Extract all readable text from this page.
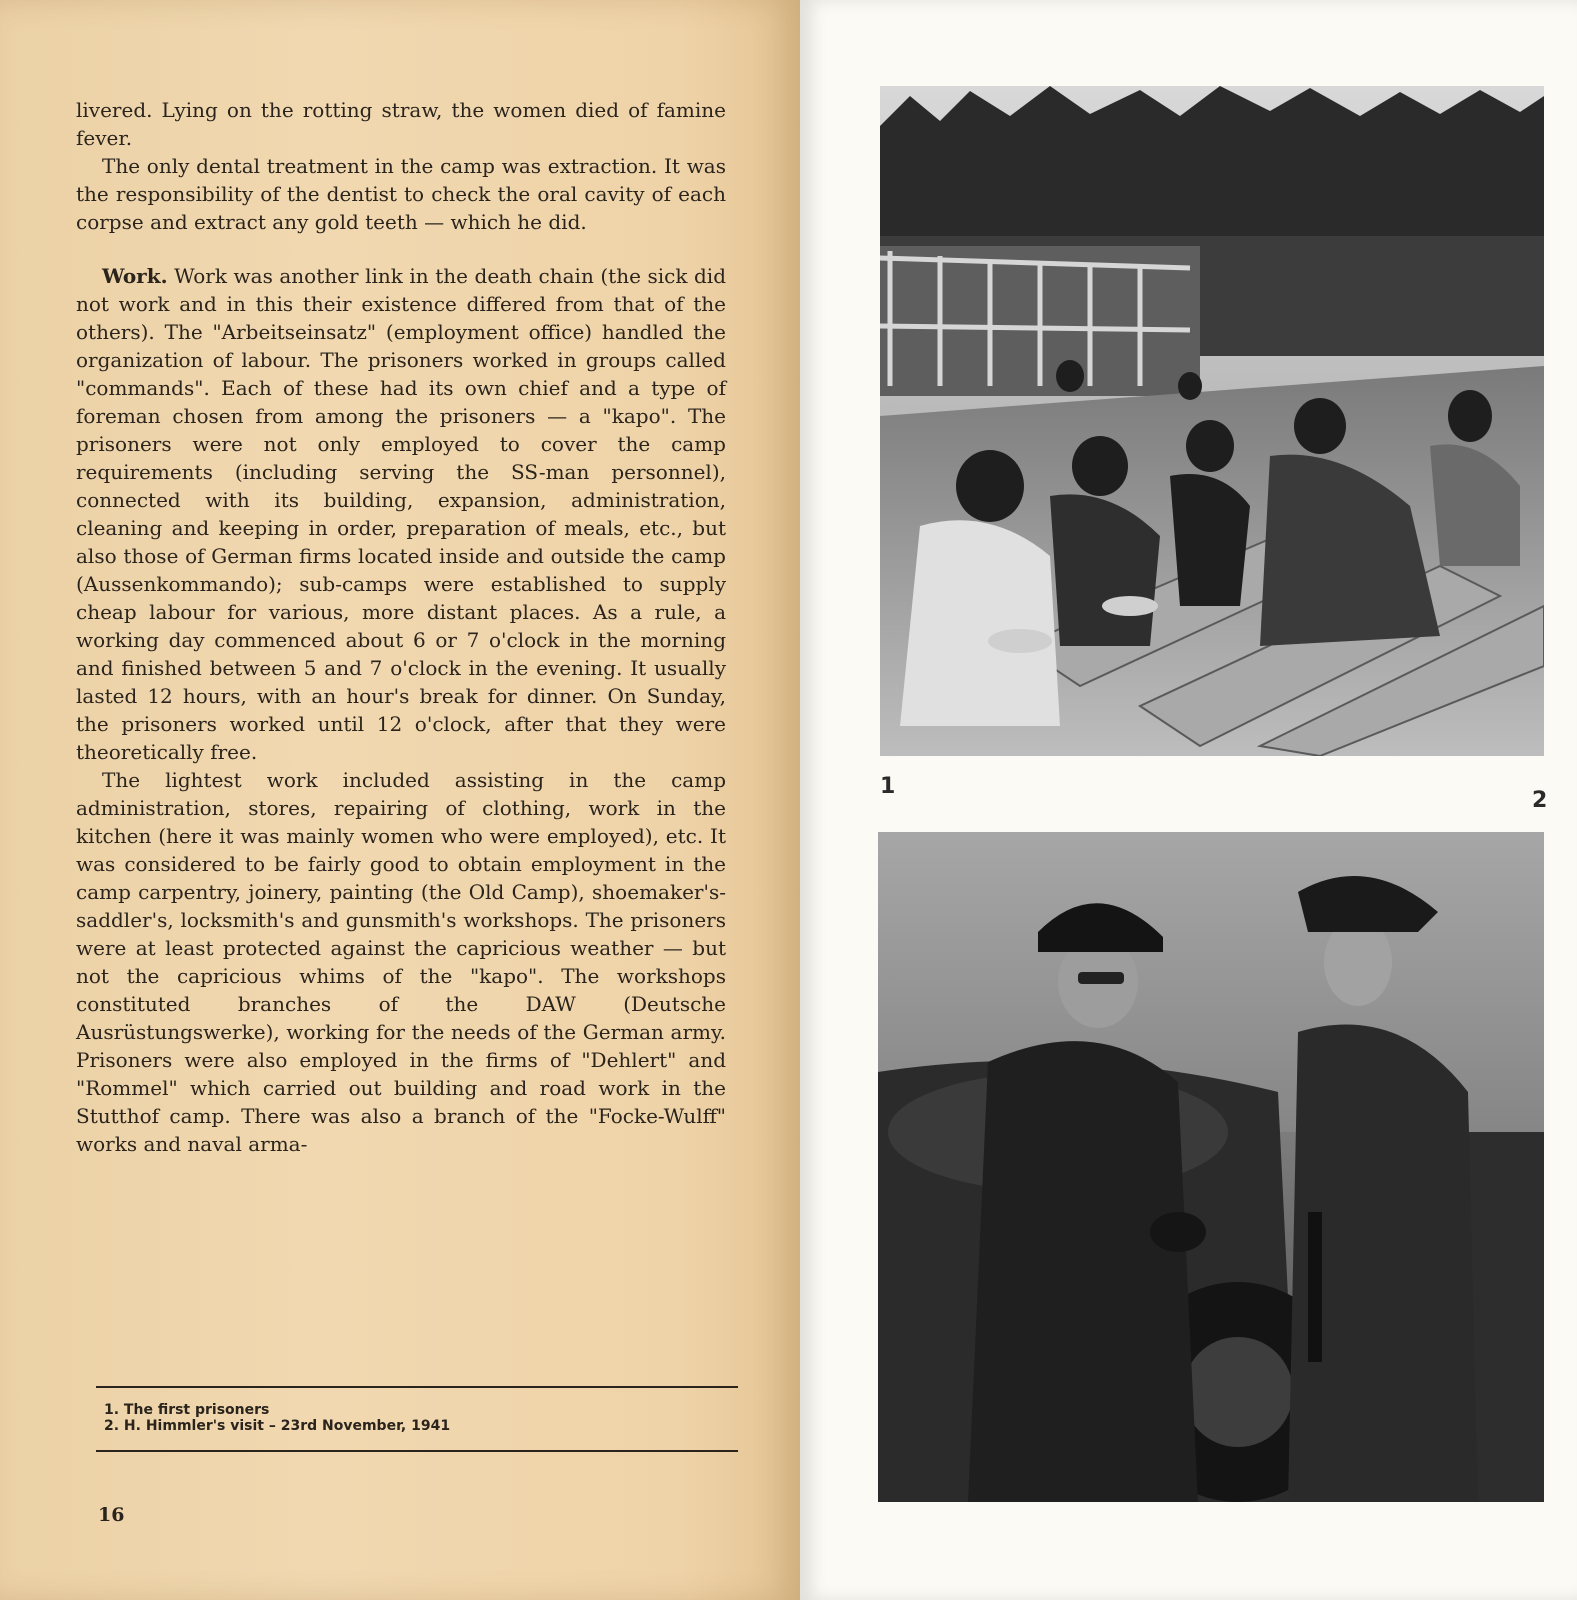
livered. Lying on the rotting straw, the women died of famine fever.

The only dental treatment in the camp was extraction. It was the responsibility of the dentist to check the oral cavity of each corpse and extract any gold teeth — which he did.

Work. Work was another link in the death chain (the sick did not work and in this their existence differed from that of the others). The "Arbeitseinsatz" (employment office) handled the organization of labour. The prisoners worked in groups called "commands". Each of these had its own chief and a type of foreman chosen from among the prisoners — a "kapo". The prisoners were not only employed to cover the camp requirements (including serving the SS-man personnel), connected with its building, expansion, administration, cleaning and keeping in order, preparation of meals, etc., but also those of German firms located inside and outside the camp (Aussenkommando); sub-camps were established to supply cheap labour for various, more distant places. As a rule, a working day commenced about 6 or 7 o'clock in the morning and finished between 5 and 7 o'clock in the evening. It usually lasted 12 hours, with an hour's break for dinner. On Sunday, the prisoners worked until 12 o'clock, after that they were theoretically free.

The lightest work included assisting in the camp administration, stores, repairing of clothing, work in the kitchen (here it was mainly women who were employed), etc. It was considered to be fairly good to obtain employment in the camp carpentry, joinery, painting (the Old Camp), shoemaker's-saddler's, locksmith's and gunsmith's workshops. The prisoners were at least protected against the capricious weather — but not the capricious whims of the "kapo". The workshops constituted branches of the DAW (Deutsche Ausrüstungswerke), working for the needs of the German army. Prisoners were also employed in the firms of "Dehlert" and "Rommel" which carried out building and road work in the Stutthof camp. There was also a branch of the "Focke-Wulff" works and naval arma-

1. The first prisoners
2. H. Himmler's visit – 23rd November, 1941
16
1
2
